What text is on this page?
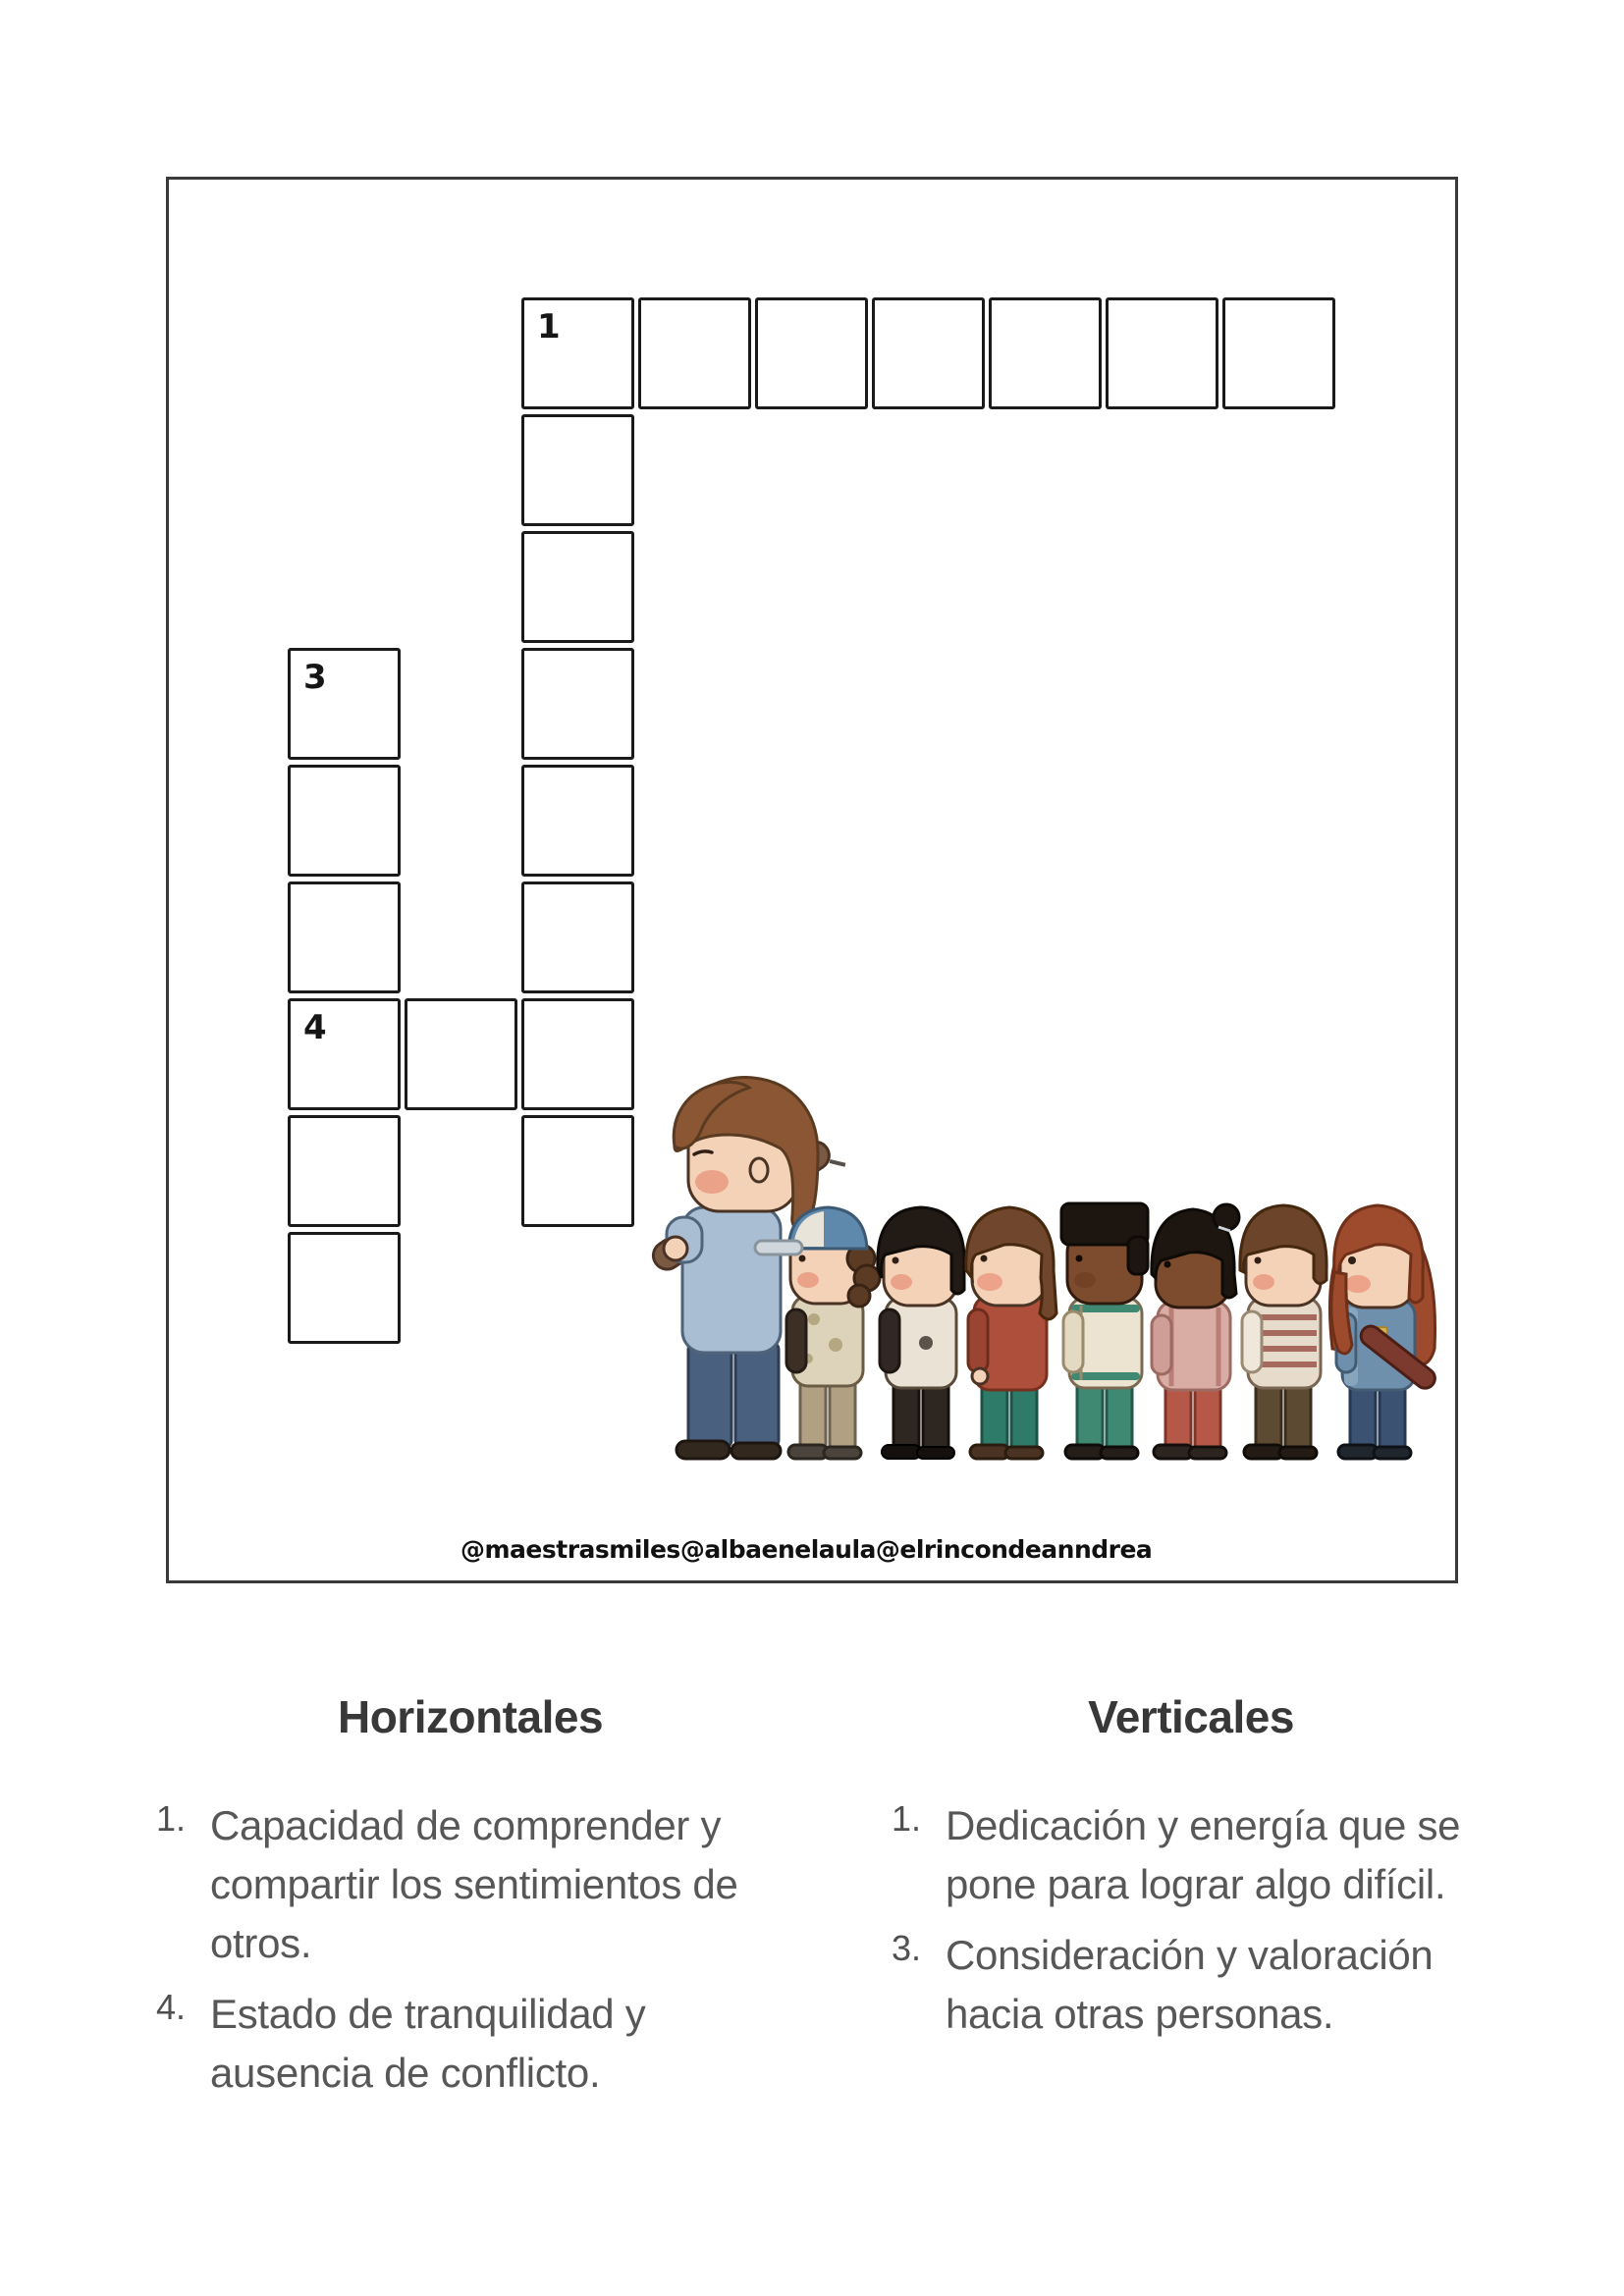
1
3
4
@maestrasmiles @albaenelaula @elrincondeanndrea
Horizontales	Verticales
1. Capacidad de comprender y
compartir los sentimientos de
otros.
4. Estado de tranquilidad y
ausencia de conflicto.
1. Dedicación y energía que se
pone para lograr algo difícil.
3. Consideración y valoración
hacia otras personas.
